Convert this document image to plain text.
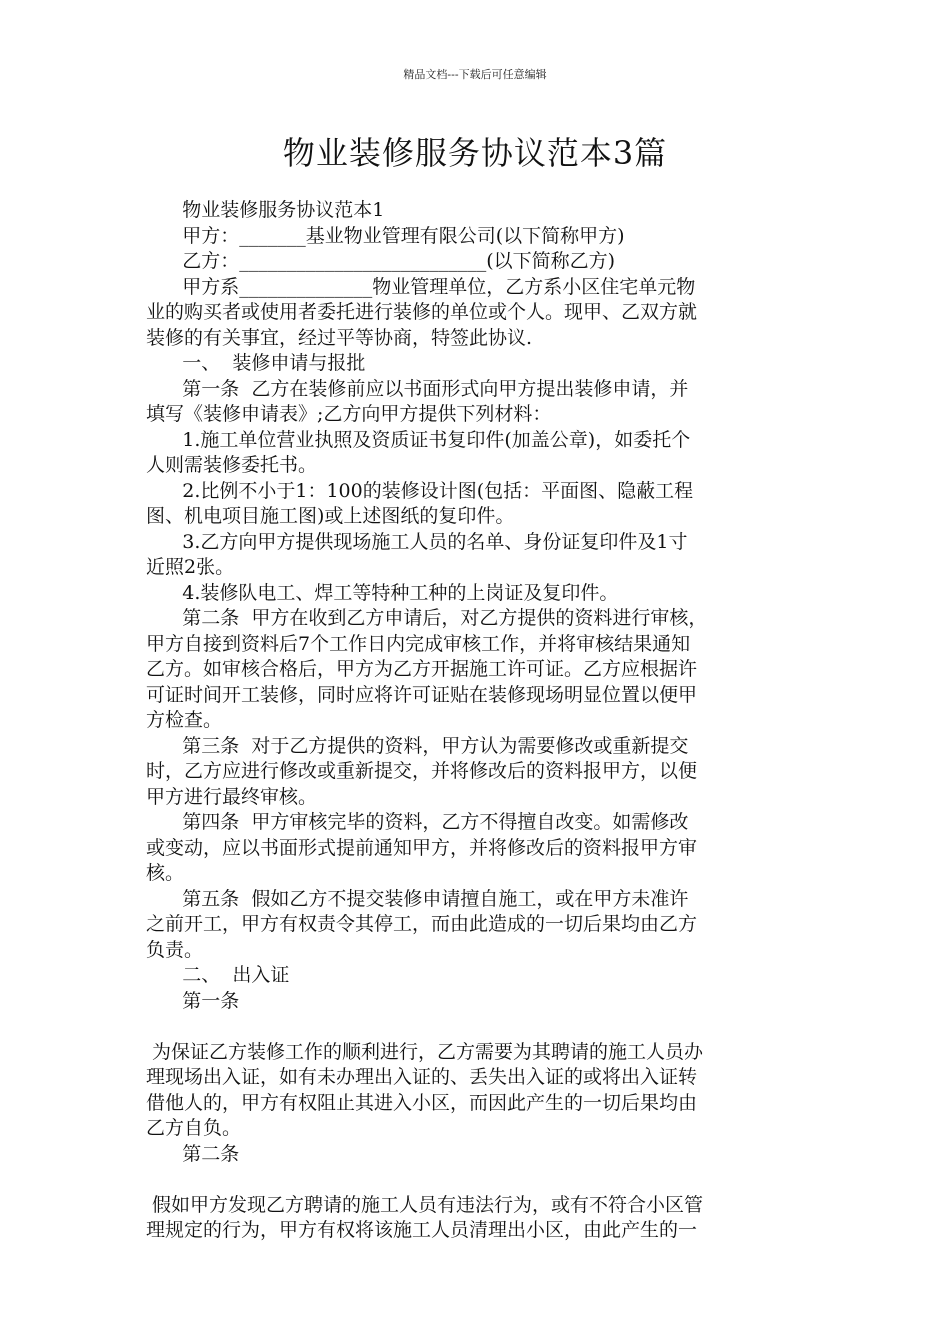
精品文档---下载后可任意编辑
物业装修服务协议范本3篇
物业装修服务协议范本1
甲方：_______基业物业管理有限公司(以下简称甲方)
乙方：__________________________(以下简称乙方)
甲方系______________物业管理单位，乙方系小区住宅单元物
业的购买者或使用者委托进行装修的单位或个人。现甲、乙双方就
装修的有关事宜，经过平等协商，特签此协议.
一、  装修申请与报批
第一条  乙方在装修前应以书面形式向甲方提出装修申请，并
填写《装修申请表》;乙方向甲方提供下列材料：
1.施工单位营业执照及资质证书复印件(加盖公章)，如委托个
人则需装修委托书。
2.比例不小于1：100的装修设计图(包括：平面图、隐蔽工程
图、机电项目施工图)或上述图纸的复印件。
3.乙方向甲方提供现场施工人员的名单、身份证复印件及1寸
近照2张。
4.装修队电工、焊工等特种工种的上岗证及复印件。
第二条  甲方在收到乙方申请后，对乙方提供的资料进行审核，
甲方自接到资料后7个工作日内完成审核工作，并将审核结果通知
乙方。如审核合格后，甲方为乙方开据施工许可证。乙方应根据许
可证时间开工装修，同时应将许可证贴在装修现场明显位置以便甲
方检查。
第三条  对于乙方提供的资料，甲方认为需要修改或重新提交
时，乙方应进行修改或重新提交，并将修改后的资料报甲方，以便
甲方进行最终审核。
第四条  甲方审核完毕的资料，乙方不得擅自改变。如需修改
或变动，应以书面形式提前通知甲方，并将修改后的资料报甲方审
核。
第五条  假如乙方不提交装修申请擅自施工，或在甲方未准许
之前开工，甲方有权责令其停工，而由此造成的一切后果均由乙方
负责。
二、  出入证
第一条
为保证乙方装修工作的顺利进行，乙方需要为其聘请的施工人员办
理现场出入证，如有未办理出入证的、丢失出入证的或将出入证转
借他人的，甲方有权阻止其进入小区，而因此产生的一切后果均由
乙方自负。
第二条
假如甲方发现乙方聘请的施工人员有违法行为，或有不符合小区管
理规定的行为，甲方有权将该施工人员清理出小区，由此产生的一
